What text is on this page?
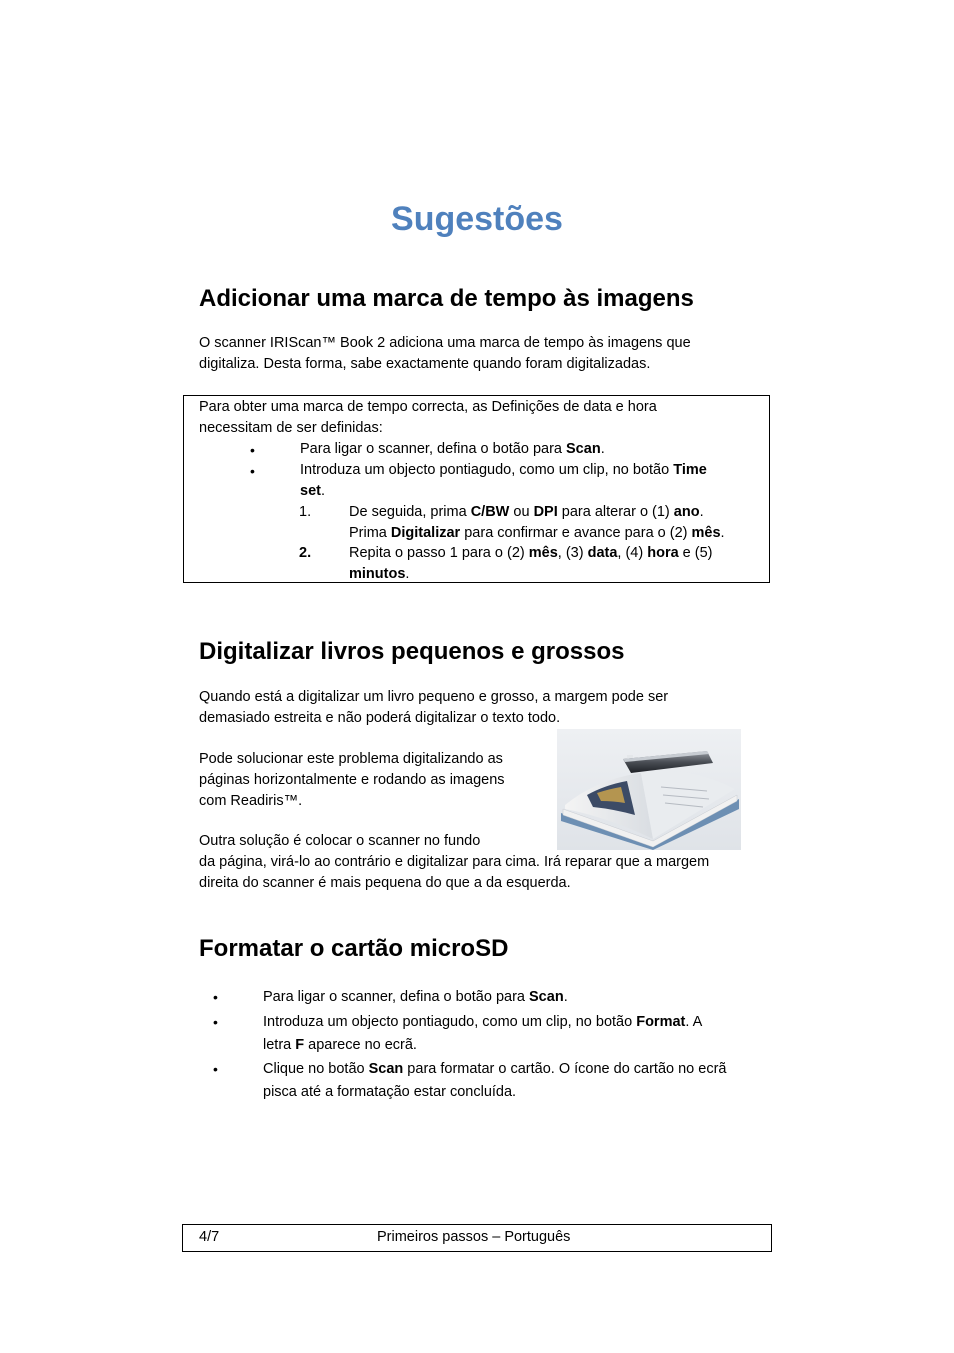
Sugestões
Adicionar uma marca de tempo às imagens

O scanner IRIScan™ Book 2 adiciona uma marca de tempo às imagens que
digitaliza. Desta forma, sabe exactamente quando foram digitalizadas.

Para obter uma marca de tempo correcta, as Definições de data e hora
necessitam de ser definidas:

•	Para ligar o scanner, defina o botão para Scan.
•	Introduza um objecto pontiagudo, como um clip, no botão Time
set.
1.	De seguida, prima C/BW ou DPI para alterar o (1) ano.
Prima Digitalizar para confirmar e avance para o (2) mês.
2.	Repita o passo 1 para o (2) mês, (3) data, (4) hora e (5)
minutos.
Digitalizar livros pequenos e grossos

Quando está a digitalizar um livro pequeno e grosso, a margem pode ser
demasiado estreita e não poderá digitalizar o texto todo.

Pode solucionar este problema digitalizando as
páginas horizontalmente e rodando as imagens
com Readiris™.

Outra solução é colocar o scanner no fundo
da página, virá-lo ao contrário e digitalizar para cima. Irá reparar que a margem
direita do scanner é mais pequena do que a da esquerda.

Formatar o cartão microSD
•	Para ligar o scanner, defina o botão para Scan.
•	Introduza um objecto pontiagudo, como um clip, no botão Format. A
letra F aparece no ecrã.
•	Clique no botão Scan para formatar o cartão. O ícone do cartão no ecrã
pisca até a formatação estar concluída.
4/7	Primeiros passos – Português
